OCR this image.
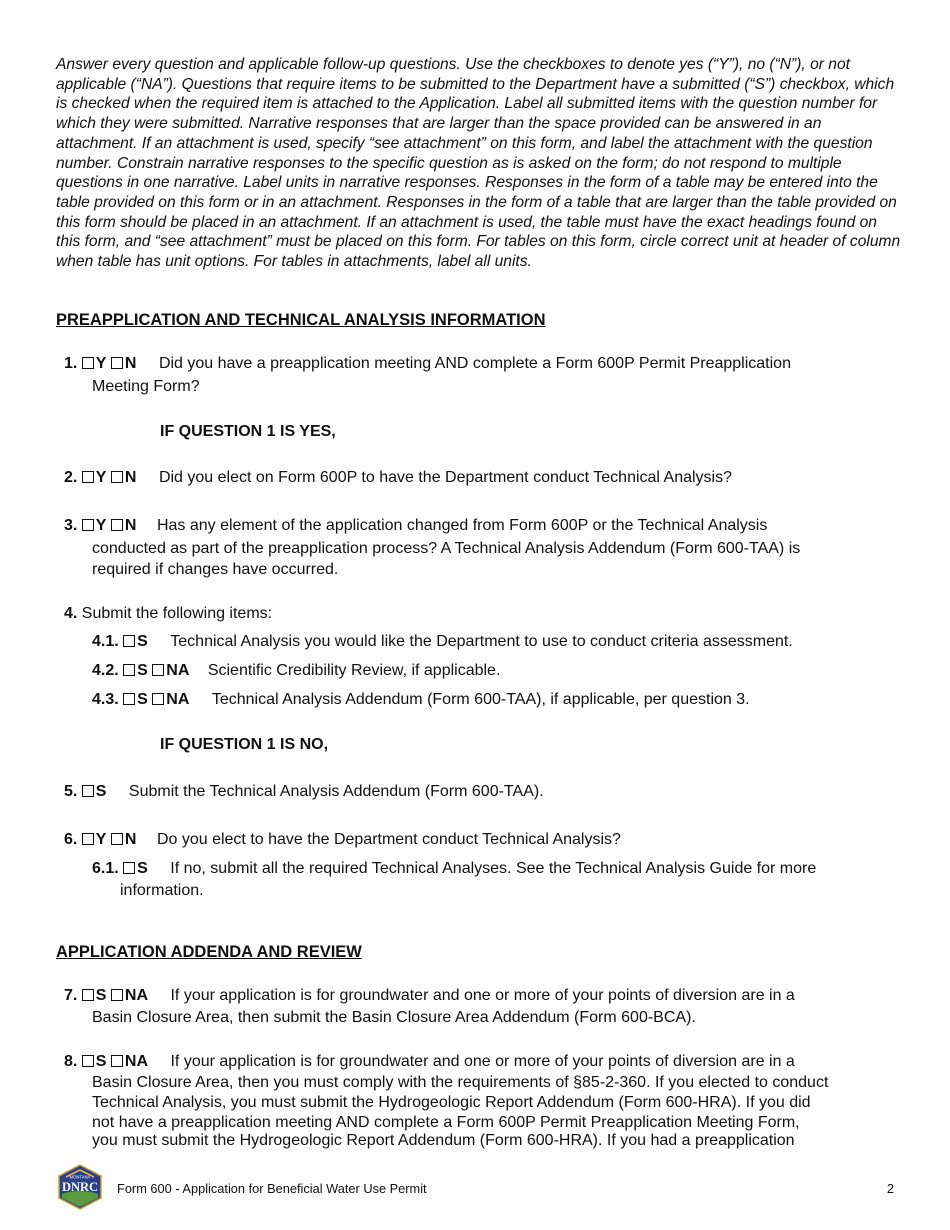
Answer every question and applicable follow-up questions. Use the checkboxes to denote yes (“Y”), no (“N”), or not applicable (“NA”). Questions that require items to be submitted to the Department have a submitted (“S”) checkbox, which is checked when the required item is attached to the Application. Label all submitted items with the question number for which they were submitted. Narrative responses that are larger than the space provided can be answered in an attachment. If an attachment is used, specify “see attachment” on this form, and label the attachment with the question number. Constrain narrative responses to the specific question as is asked on the form; do not respond to multiple questions in one narrative. Label units in narrative responses. Responses in the form of a table may be entered into the table provided on this form or in an attachment. Responses in the form of a table that are larger than the table provided on this form should be placed in an attachment. If an attachment is used, the table must have the exact headings found on this form, and “see attachment” must be placed on this form. For tables on this form, circle correct unit at header of column when table has unit options. For tables in attachments, label all units.

PREAPPLICATION AND TECHNICAL ANALYSIS INFORMATION

1. Y N Did you have a preapplication meeting AND complete a Form 600P Permit Preapplication
Meeting Form?

IF QUESTION 1 IS YES,

2. Y N Did you elect on Form 600P to have the Department conduct Technical Analysis?
3. Y N Has any element of the application changed from Form 600P or the Technical Analysis
conducted as part of the preapplication process? A Technical Analysis Addendum (Form 600-TAA) is
required if changes have occurred.
4. Submit the following items:
4.1. S Technical Analysis you would like the Department to use to conduct criteria assessment.
4.2. S NA Scientific Credibility Review, if applicable.
4.3. S NA Technical Analysis Addendum (Form 600-TAA), if applicable, per question 3.

IF QUESTION 1 IS NO,

5. S Submit the Technical Analysis Addendum (Form 600-TAA).
6. Y N Do you elect to have the Department conduct Technical Analysis?
6.1. S If no, submit all the required Technical Analyses. See the Technical Analysis Guide for more
information.

APPLICATION ADDENDA AND REVIEW

7. S NA If your application is for groundwater and one or more of your points of diversion are in a
Basin Closure Area, then submit the Basin Closure Area Addendum (Form 600-BCA).
8. S NA If your application is for groundwater and one or more of your points of diversion are in a
Basin Closure Area, then you must comply with the requirements of §85-2-360. If you elected to conduct
Technical Analysis, you must submit the Hydrogeologic Report Addendum (Form 600-HRA). If you did
not have a preapplication meeting AND complete a Form 600P Permit Preapplication Meeting Form,
you must submit the Hydrogeologic Report Addendum (Form 600-HRA). If you had a preapplication
MONTANA
DNRC Form 600 - Application for Beneficial Water Use Permit	2
